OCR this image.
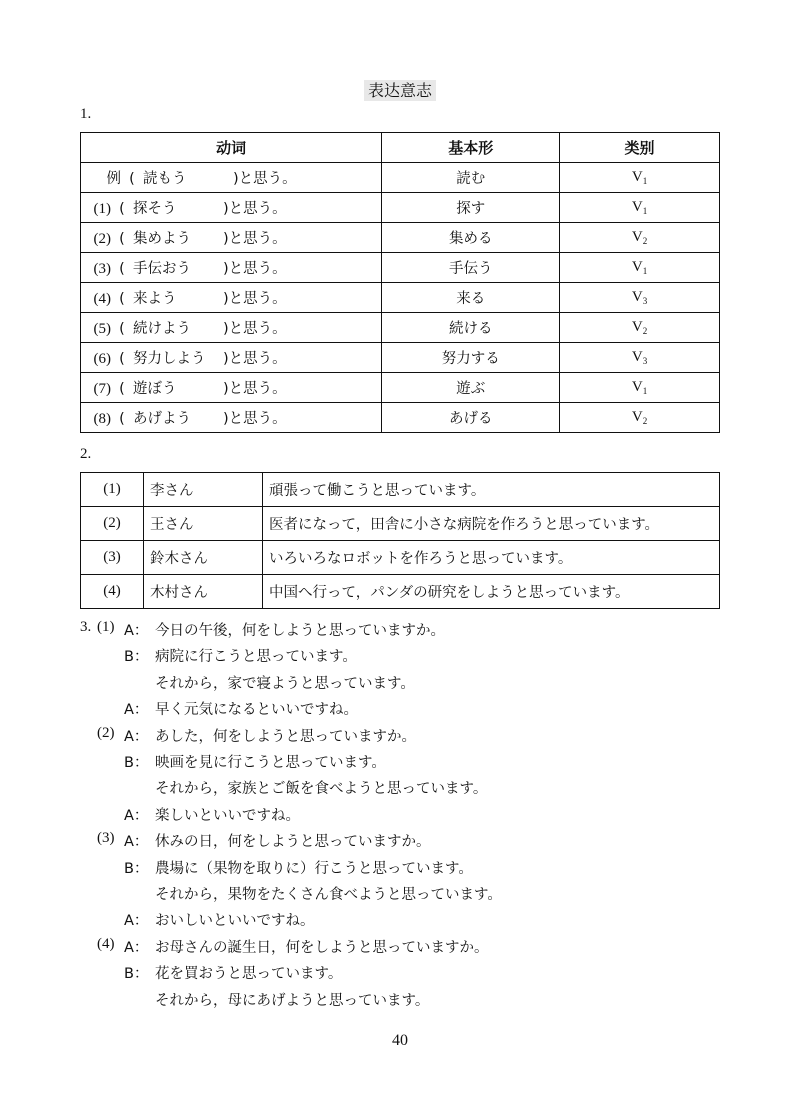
表达意志
1.
动词	基本形	类别
例 ( 読もう )と思う。	読む	$V_1$
(1) ( 探そう )と思う。	探す	$V_1$
(2) ( 集めよう )と思う。	集める	$V_2$
(3) ( 手伝おう )と思う。	手伝う	$V_1$
(4) ( 来よう )と思う。	来る	$V_3$
(5) ( 続けよう )と思う。	続ける	$V_2$
(6) ( 努力しよう )と思う。	努力する	$V_3$
(7) ( 遊ぼう )と思う。	遊ぶ	$V_1$
(8) ( あげよう )と思う。	あげる	$V_2$
2.
(1)	李さん	頑張って働こうと思っています。
(2)	王さん	医者になって，田舎に小さな病院を作ろうと思っています。
(3)	鈴木さん	いろいろなロボットを作ろうと思っています。
(4)	木村さん	中国へ行って，パンダの研究をしようと思っています。
3. (1) A： 今日の午後，何をしようと思っていますか。
B： 病院に行こうと思っています。
それから，家で寝ようと思っています。
A： 早く元気になるといいですね。
(2) A： あした，何をしようと思っていますか。
B： 映画を見に行こうと思っています。
それから，家族とご飯を食べようと思っています。
A： 楽しいといいですね。
(3) A： 休みの日，何をしようと思っていますか。
B： 農場に（果物を取りに）行こうと思っています。
それから，果物をたくさん食べようと思っています。
A： おいしいといいですね。
(4) A： お母さんの誕生日，何をしようと思っていますか。
B： 花を買おうと思っています。
それから，母にあげようと思っています。
40
